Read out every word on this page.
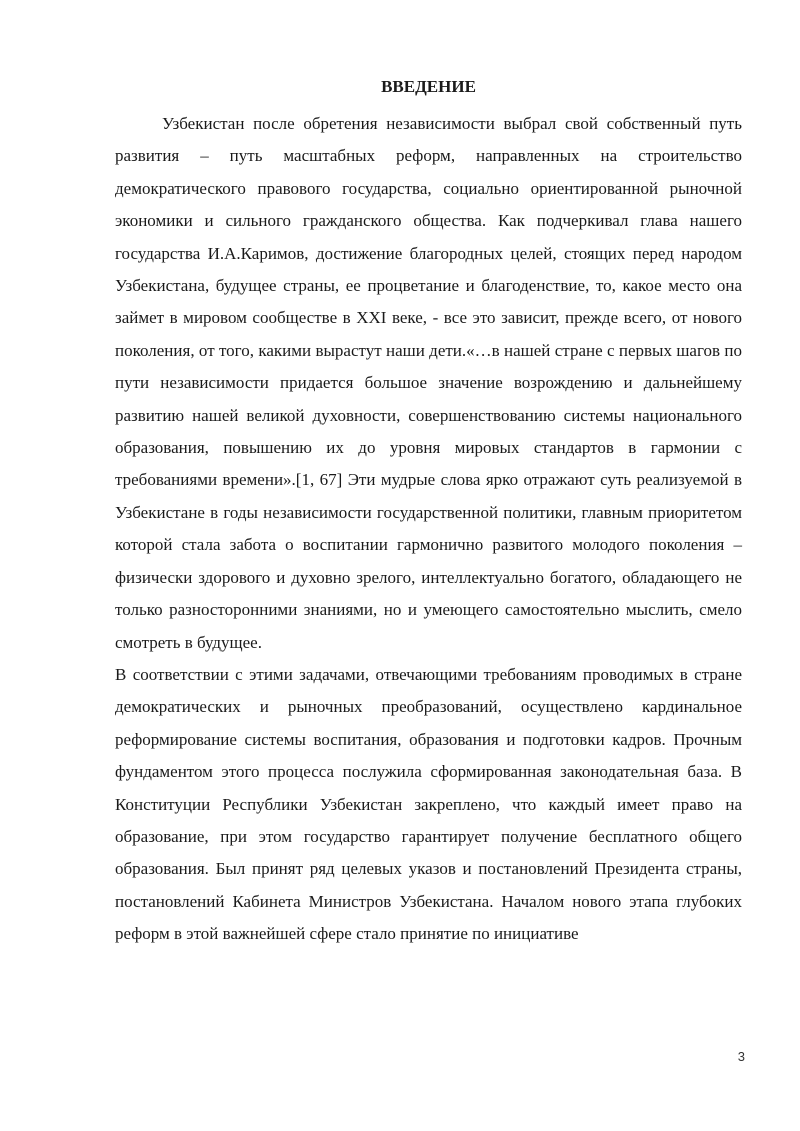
ВВЕДЕНИЕ

Узбекистан после обретения независимости выбрал свой собственный путь развития – путь масштабных реформ, направленных на строительство демократического правового государства, социально ориентированной рыночной экономики и сильного гражданского общества. Как подчеркивал глава нашего государства И.А.Каримов, достижение благородных целей, стоящих перед народом Узбекистана, будущее страны, ее процветание и благоденствие, то, какое место она займет в мировом сообществе в XXI веке, - все это зависит, прежде всего, от нового поколения, от того, какими вырастут наши дети.«…в нашей стране с первых шагов по пути независимости придается большое значение возрождению и дальнейшему развитию нашей великой духовности, совершенствованию системы национального образования, повышению их до уровня мировых стандартов в гармонии с требованиями времени».[1, 67] Эти мудрые слова ярко отражают суть реализуемой в Узбекистане в годы независимости государственной политики, главным приоритетом которой стала забота о воспитании гармонично развитого молодого поколения – физически здорового и духовно зрелого, интеллектуально богатого, обладающего не только разносторонними знаниями, но и умеющего самостоятельно мыслить, смело смотреть в будущее.

В соответствии с этими задачами, отвечающими требованиям проводимых в стране демократических и рыночных преобразований, осуществлено кардинальное реформирование системы воспитания, образования и подготовки кадров. Прочным фундаментом этого процесса послужила сформированная законодательная база. В Конституции Республики Узбекистан закреплено, что каждый имеет право на образование, при этом государство гарантирует получение бесплатного общего образования. Был принят ряд целевых указов и постановлений Президента страны, постановлений Кабинета Министров Узбекистана. Началом нового этапа глубоких реформ в этой важнейшей сфере стало принятие по инициативе

3
